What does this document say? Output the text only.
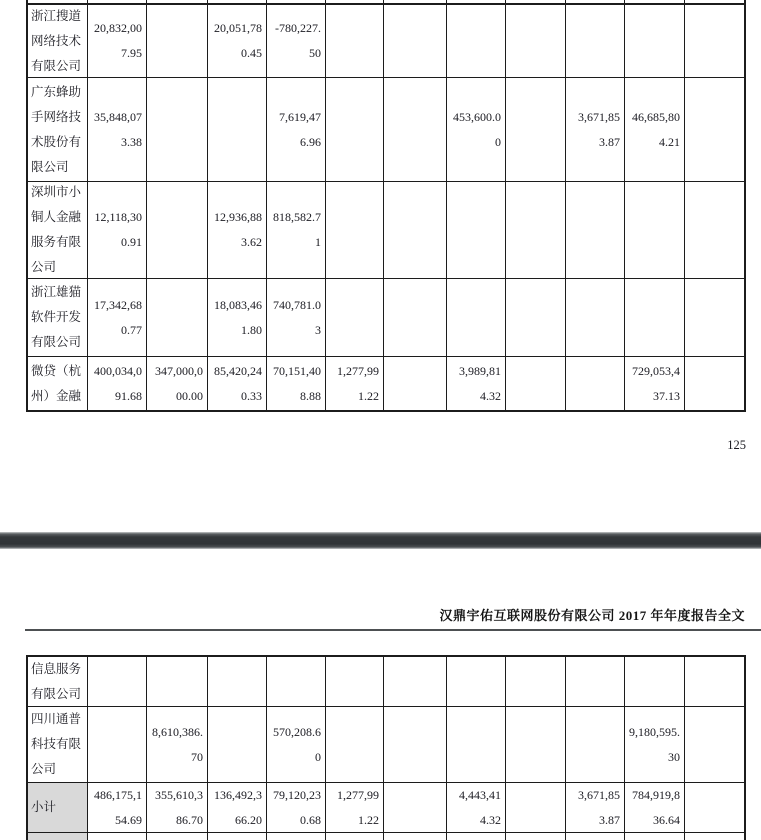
浙江搜道网络技术有限公司
20,832,007.95
20,051,780.45
-780,227.50
广东蜂助手网络技术股份有限公司
35,848,073.38
7,619,476.96
453,600.00
3,671,853.87
46,685,804.21
深圳市小铜人金融服务有限公司
12,118,300.91
12,936,883.62
818,582.71
浙江雄猫软件开发有限公司
17,342,680.77
18,083,461.80
740,781.03
微贷（杭州）金融
400,034,091.68
347,000,000.00
85,420,240.33
70,151,408.88
1,277,991.22
3,989,814.32
729,053,437.13
125
汉鼎宇佑互联网股份有限公司 2017 年年度报告全文
信息服务有限公司
四川通普科技有限公司
8,610,386.70
570,208.60
9,180,595.30
小计
486,175,154.69
355,610,386.70
136,492,366.20
79,120,230.68
1,277,991.22
4,443,414.32
3,671,853.87
784,919,836.64
